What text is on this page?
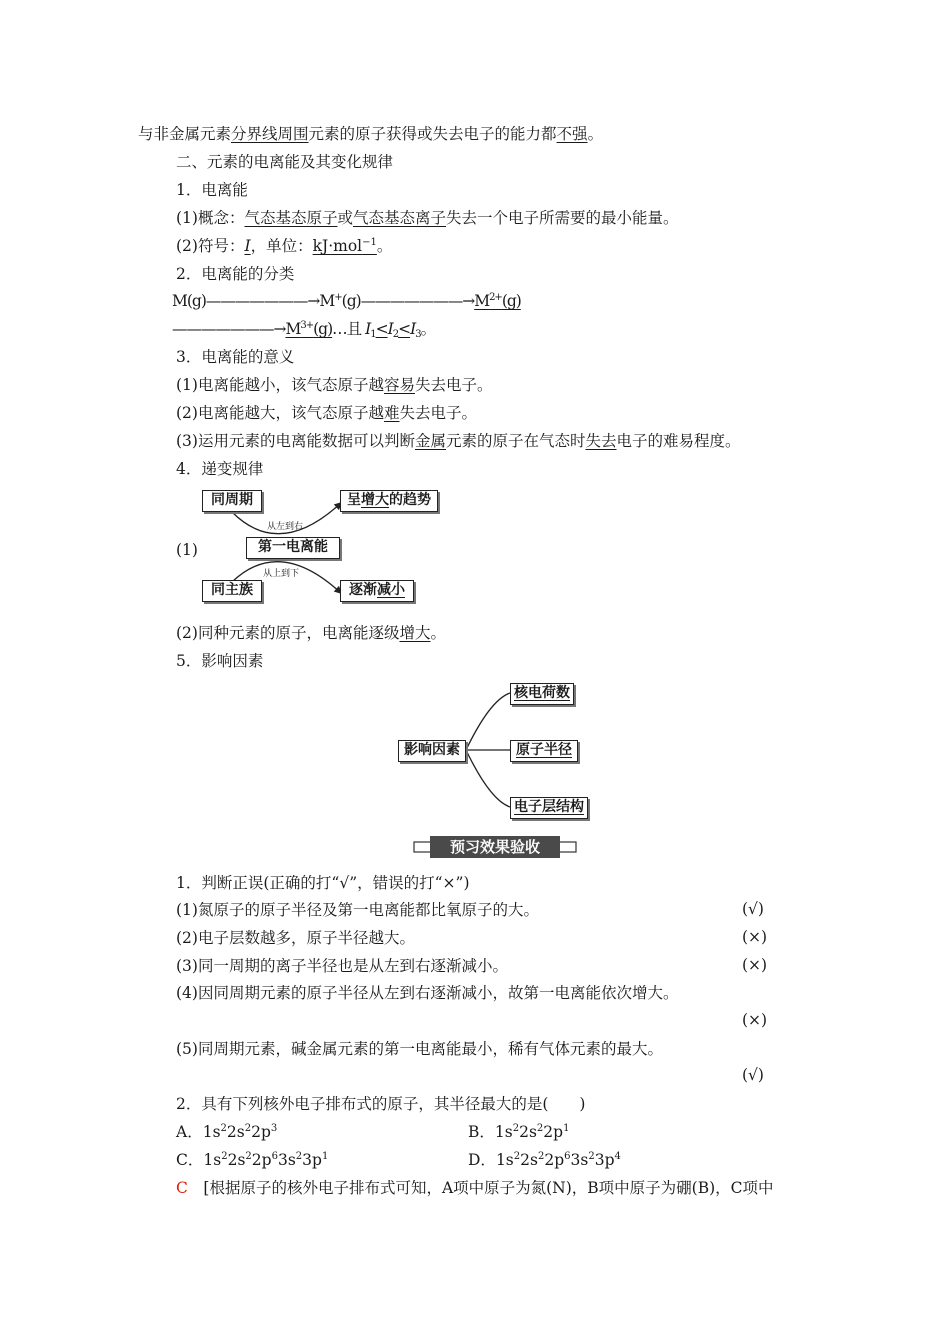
与非金属元素分界线周围元素的原子获得或失去电子的能力都不强。
二、元素的电离能及其变化规律
1．电离能
(1)概念：气态基态原子或气态基态离子失去一个电子所需要的最小能量。
(2)符号：I，单位：kJ·mol$^{-1}$。
2．电离能的分类
$M(g)———————\to M^+(g)———————\to M^{2+}(g)$
$———————\to M^{3+}(g)\dots$且 $I_1<I_2<I_3$。
3．电离能的意义
(1)电离能越小，该气态原子越容易失去电子。
(2)电离能越大，该气态原子越难失去电子。
(3)运用元素的电离能数据可以判断金属元素的原子在气态时失去电子的难易程度。
4．递变规律
(1)
同周期
第一电离能
同主族
呈增大的趋势
逐渐减小
从左到右
从上到下
(2)同种元素的原子，电离能逐级增大。
5．影响因素
影响因素
核电荷数
原子半径
电子层结构
预习效果验收
1．判断正误(正确的打“√”，错误的打“×”)
(1)氮原子的原子半径及第一电离能都比氧原子的大。	(√)
(2)电子层数越多，原子半径越大。	(×)
(3)同一周期的离子半径也是从左到右逐渐减小。	(×)
(4)因同周期元素的原子半径从左到右逐渐减小，故第一电离能依次增大。
(×)
(5)同周期元素，碱金属元素的第一电离能最小，稀有气体元素的最大。
(√)
2．具有下列核外电子排布式的原子，其半径最大的是(　　)
A．$1s^22s^22p^3$	B．$1s^22s^22p^1$
C．$1s^22s^22p^63s^23p^1$	D．$1s^22s^22p^63s^23p^4$
C　 [根据原子的核外电子排布式可知，A项中原子为氮(N)，B项中原子为硼(B)，C项中
